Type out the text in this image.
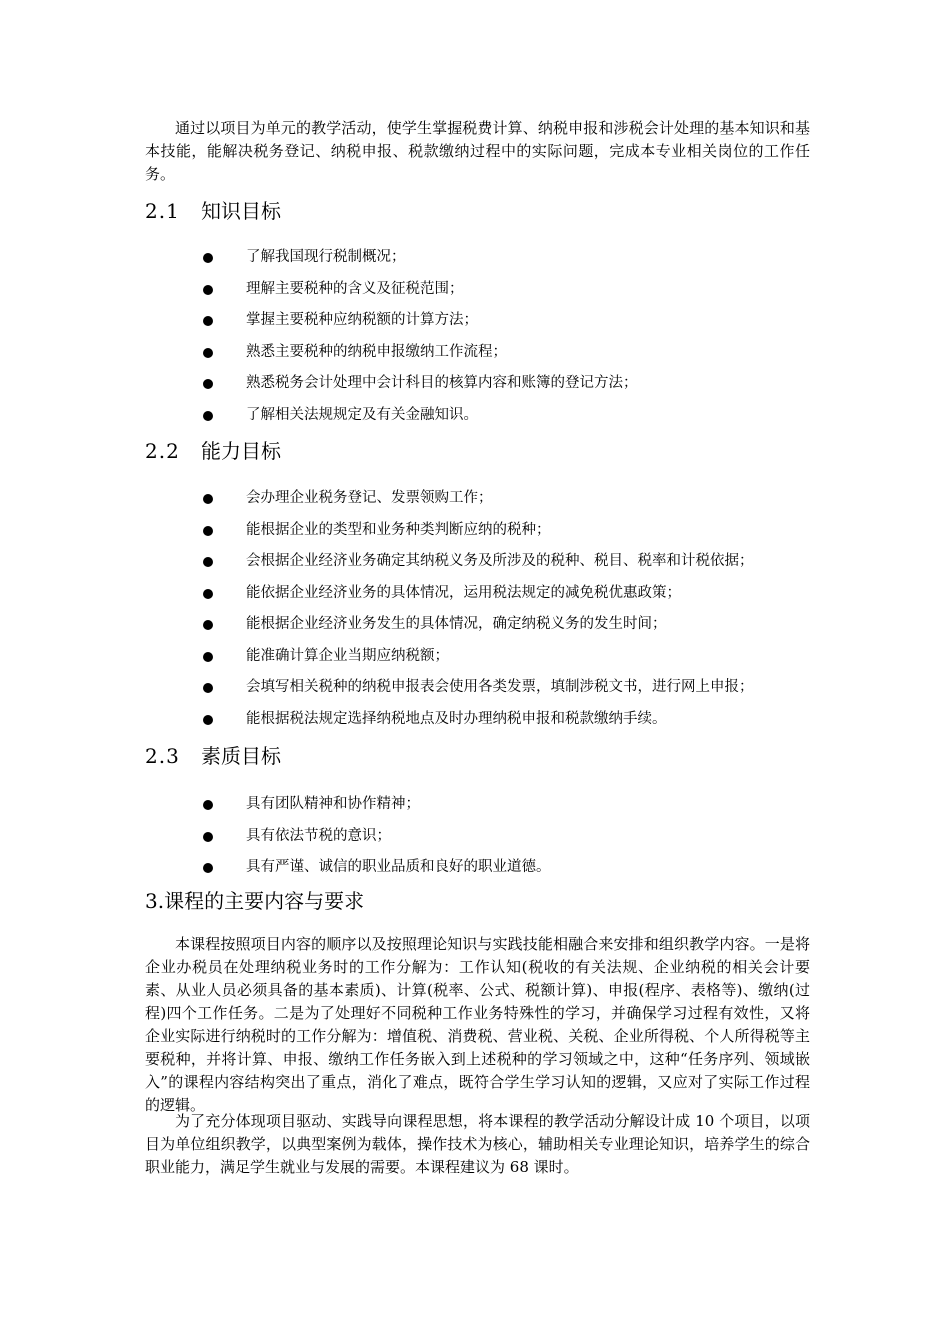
通过以项目为单元的教学活动，使学生掌握税费计算、纳税申报和涉税会计处理的基本知识和基本技能，能解决税务登记、纳税申报、税款缴纳过程中的实际问题，完成本专业相关岗位的工作任务。

2.1 知识目标
了解我国现行税制概况；
理解主要税种的含义及征税范围；
掌握主要税种应纳税额的计算方法；
熟悉主要税种的纳税申报缴纳工作流程；
熟悉税务会计处理中会计科目的核算内容和账簿的登记方法；
了解相关法规规定及有关金融知识。
2.2 能力目标
会办理企业税务登记、发票领购工作；
能根据企业的类型和业务种类判断应纳的税种；
会根据企业经济业务确定其纳税义务及所涉及的税种、税目、税率和计税依据；
能依据企业经济业务的具体情况，运用税法规定的减免税优惠政策；
能根据企业经济业务发生的具体情况，确定纳税义务的发生时间；
能准确计算企业当期应纳税额；
会填写相关税种的纳税申报表会使用各类发票，填制涉税文书，进行网上申报；
能根据税法规定选择纳税地点及时办理纳税申报和税款缴纳手续。
2.3 素质目标
具有团队精神和协作精神；
具有依法节税的意识；
具有严谨、诚信的职业品质和良好的职业道德。
3.课程的主要内容与要求

本课程按照项目内容的顺序以及按照理论知识与实践技能相融合来安排和组织教学内容。一是将企业办税员在处理纳税业务时的工作分解为：工作认知(税收的有关法规、企业纳税的相关会计要素、从业人员必须具备的基本素质)、计算(税率、公式、税额计算)、申报(程序、表格等)、缴纳(过程)四个工作任务。二是为了处理好不同税种工作业务特殊性的学习，并确保学习过程有效性，又将企业实际进行纳税时的工作分解为：增值税、消费税、营业税、关税、企业所得税、个人所得税等主要税种，并将计算、申报、缴纳工作任务嵌入到上述税种的学习领域之中，这种“任务序列、领域嵌入”的课程内容结构突出了重点，消化了难点，既符合学生学习认知的逻辑，又应对了实际工作过程的逻辑。

为了充分体现项目驱动、实践导向课程思想，将本课程的教学活动分解设计成 10 个项目，以项目为单位组织教学，以典型案例为载体，操作技术为核心，辅助相关专业理论知识，培养学生的综合职业能力，满足学生就业与发展的需要。本课程建议为 68 课时。
